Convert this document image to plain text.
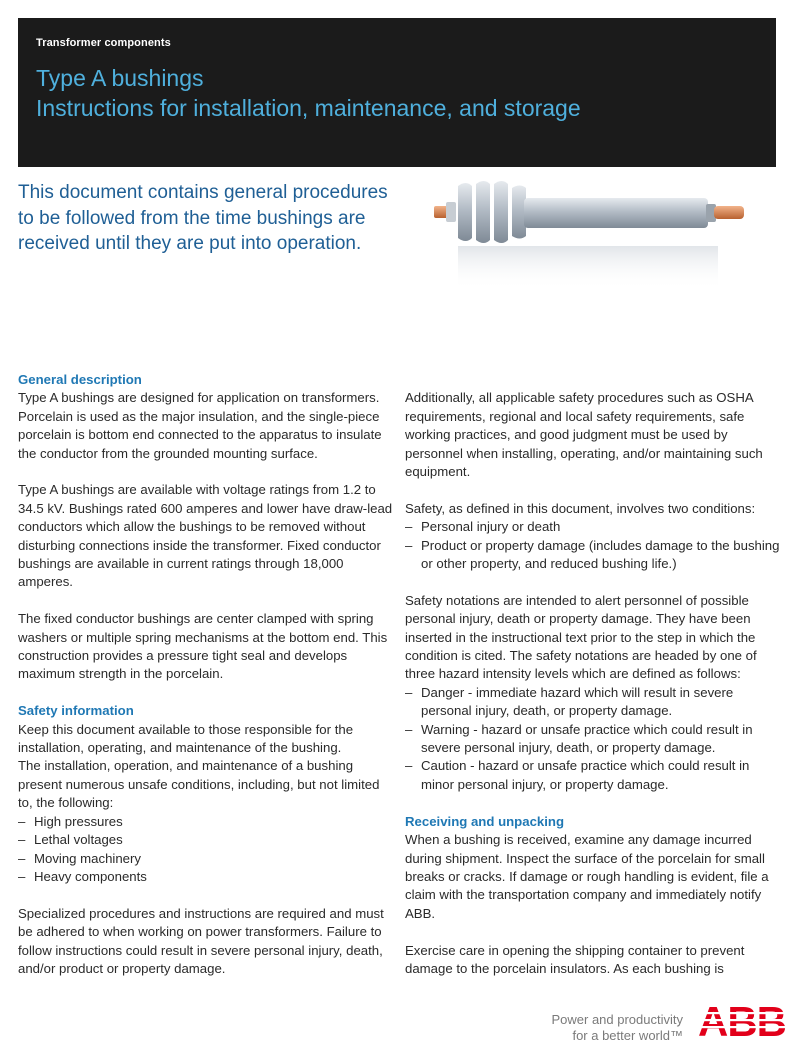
Transformer components
Type A bushings
Instructions for installation, maintenance, and storage
This document contains general procedures to be followed from the time bushings are received until they are put into operation.

General description

Type A bushings are designed for application on transformers. Porcelain is used as the major insulation, and the single-piece porcelain is bottom end connected to the apparatus to insulate the conductor from the grounded mounting surface.

Type A bushings are available with voltage ratings from 1.2 to 34.5 kV. Bushings rated 600 amperes and lower have draw-lead conductors which allow the bushings to be removed without disturbing connections inside the transformer. Fixed conductor bushings are available in current ratings through 18,000 amperes.

The fixed conductor bushings are center clamped with spring washers or multiple spring mechanisms at the bottom end. This construction provides a pressure tight seal and develops maximum strength in the porcelain.

Safety information

Keep this document available to those responsible for the installation, operating, and maintenance of the bushing.

The installation, operation, and maintenance of a bushing present numerous unsafe conditions, including, but not limited to, the following:

– High pressures
– Lethal voltages
– Moving machinery
– Heavy components

Specialized procedures and instructions are required and must be adhered to when working on power transformers. Failure to follow instructions could result in severe personal injury, death, and/or product or property damage.

Additionally, all applicable safety procedures such as OSHA requirements, regional and local safety requirements, safe working practices, and good judgment must be used by personnel when installing, operating, and/or maintaining such equipment.

Safety, as defined in this document, involves two conditions:

– Personal injury or death
– Product or property damage (includes damage to the bushing or other property, and reduced bushing life.)

Safety notations are intended to alert personnel of possible personal injury, death or property damage. They have been inserted in the instructional text prior to the step in which the condition is cited. The safety notations are headed by one of three hazard intensity levels which are defined as follows:

– Danger - immediate hazard which will result in severe personal injury, death, or property damage.
– Warning - hazard or unsafe practice which could result in severe personal injury, death, or property damage.
– Caution - hazard or unsafe practice which could result in minor personal injury, or property damage.

Receiving and unpacking

When a bushing is received, examine any damage incurred during shipment. Inspect the surface of the porcelain for small breaks or cracks. If damage or rough handling is evident, file a claim with the transportation company and immediately notify ABB.

Exercise care in opening the shipping container to prevent damage to the porcelain insulators. As each bushing is

Power and productivity
for a better world™
